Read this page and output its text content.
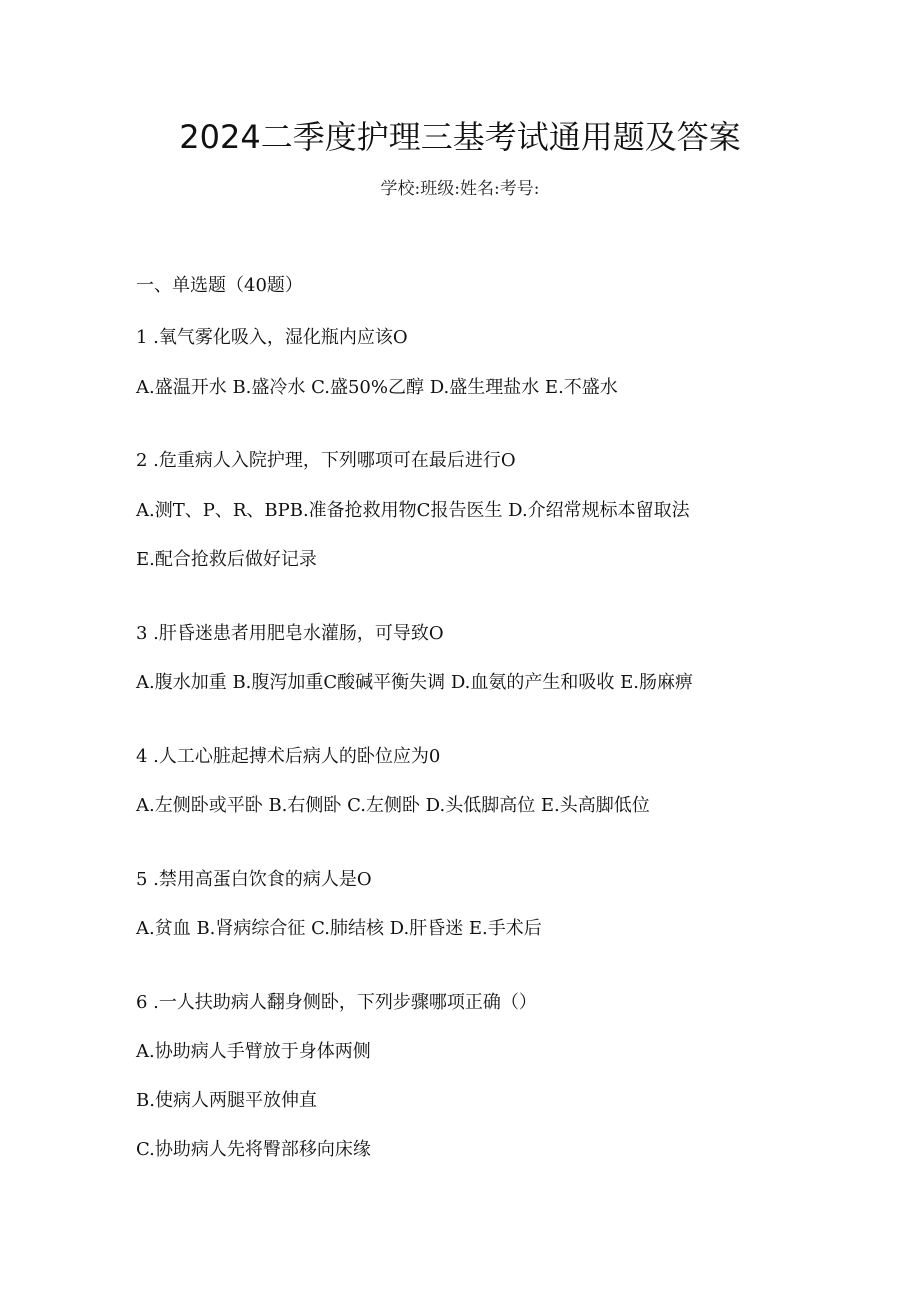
2024二季度护理三基考试通用题及答案
学校:班级:姓名:考号:
一、单选题（40题）
1 .氧气雾化吸入，湿化瓶内应该O
A.盛温开水 B.盛冷水 C.盛50%乙醇 D.盛生理盐水 E.不盛水
2 .危重病人入院护理，下列哪项可在最后进行O
A.测T、P、R、BPB.准备抢救用物C报告医生 D.介绍常规标本留取法
E.配合抢救后做好记录
3 .肝昏迷患者用肥皂水灌肠，可导致O
A.腹水加重 B.腹泻加重C酸碱平衡失调 D.血氨的产生和吸收 E.肠麻痹
4 .人工心脏起搏术后病人的卧位应为0
A.左侧卧或平卧 B.右侧卧 C.左侧卧 D.头低脚高位 E.头高脚低位
5 .禁用高蛋白饮食的病人是O
A.贫血 B.肾病综合征 C.肺结核 D.肝昏迷 E.手术后
6 .一人扶助病人翻身侧卧，下列步骤哪项正确（）
A.协助病人手臂放于身体两侧
B.使病人两腿平放伸直
C.协助病人先将臀部移向床缘
